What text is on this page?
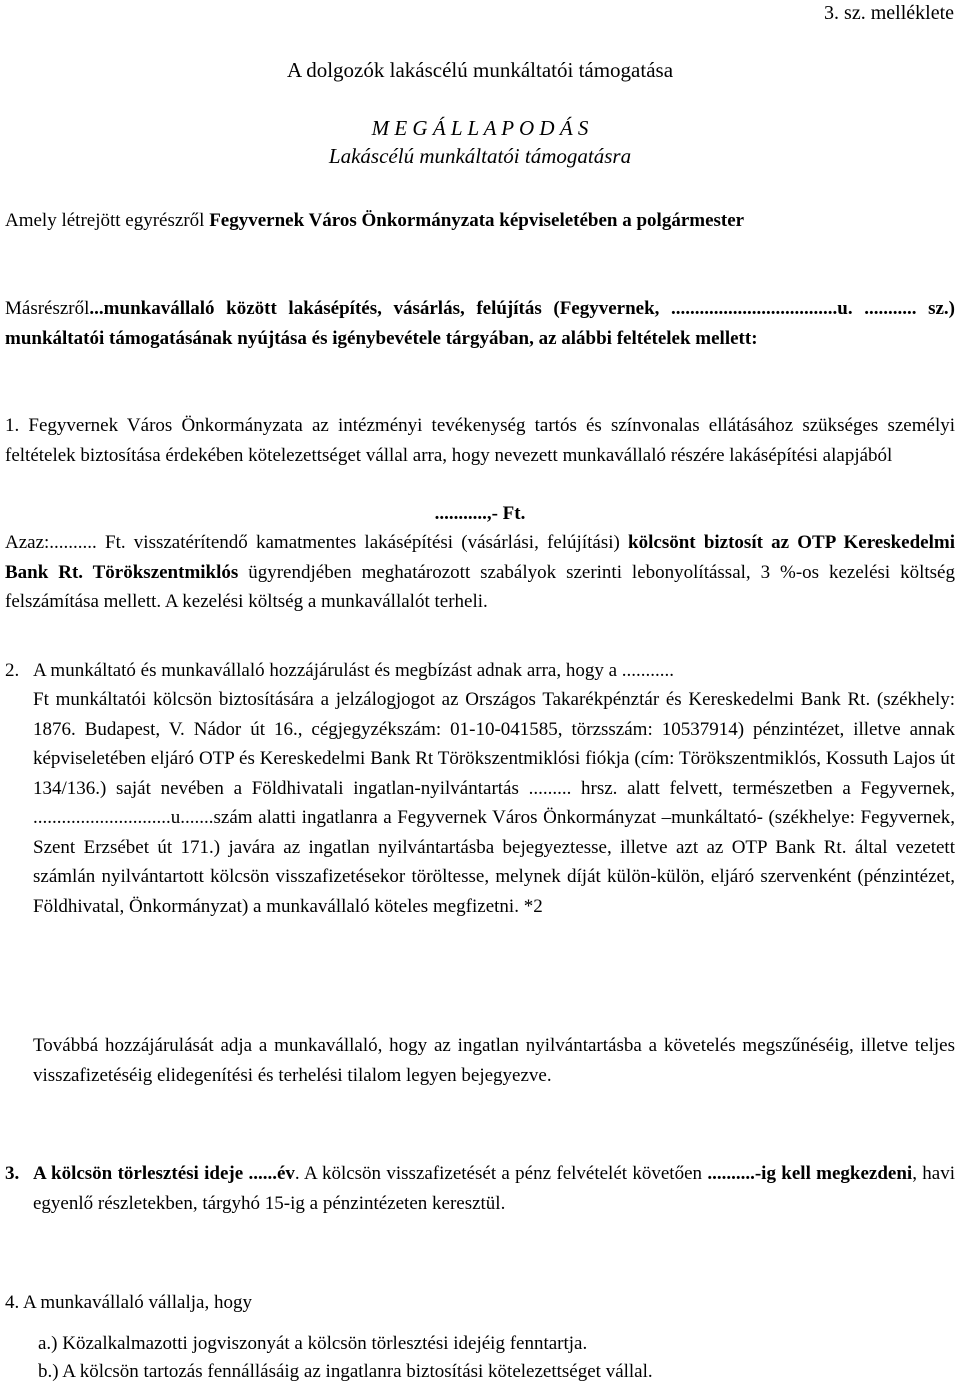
3. sz. melléklete
A dolgozók lakáscélú munkáltatói támogatása
M E G Á L L A P O D Á S
Lakáscélú munkáltatói támogatásra
Amely létrejött egyrészről Fegyvernek Város Önkormányzata képviseletében a polgármester
Másrészről...munkavállaló között lakásépítés, vásárlás, felújítás (Fegyvernek, ...................................u. ........... sz.) munkáltatói támogatásának nyújtása és igénybevétele tárgyában, az alábbi feltételek mellett:
1. Fegyvernek Város Önkormányzata az intézményi tevékenység tartós és színvonalas ellátásához szükséges személyi feltételek biztosítása érdekében kötelezettséget vállal arra, hogy nevezett munkavállaló részére lakásépítési alapjából
...........,- Ft.
Azaz:.......... Ft. visszatérítendő kamatmentes lakásépítési (vásárlási, felújítási) kölcsönt biztosít az OTP Kereskedelmi Bank Rt. Törökszentmiklós ügyrendjében meghatározott szabályok szerinti lebonyolítással, 3 %-os kezelési költség felszámítása mellett. A kezelési költség a munkavállalót terheli.
2. A munkáltató és munkavállaló hozzájárulást és megbízást adnak arra, hogy a ...........
Ft munkáltatói kölcsön biztosítására a jelzálogjogot az Országos Takarékpénztár és Kereskedelmi Bank Rt. (székhely: 1876. Budapest, V. Nádor út 16., cégjegyzékszám: 01-10-041585, törzsszám: 10537914) pénzintézet, illetve annak képviseletében eljáró OTP és Kereskedelmi Bank Rt Törökszentmiklósi fiókja (cím: Törökszentmiklós, Kossuth Lajos út 134/136.) saját nevében a Földhivatali ingatlan-nyilvántartás ......... hrsz. alatt felvett, természetben a Fegyvernek, .............................u.......szám alatti ingatlanra a Fegyvernek Város Önkormányzat –munkáltató- (székhelye: Fegyvernek, Szent Erzsébet út 171.) javára az ingatlan nyilvántartásba bejegyeztesse, illetve azt az OTP Bank Rt. által vezetett számlán nyilvántartott kölcsön visszafizetésekor töröltesse, melynek díját külön-külön, eljáró szervenként (pénzintézet, Földhivatal, Önkormányzat) a munkavállaló köteles megfizetni. *2
Továbbá hozzájárulását adja a munkavállaló, hogy az ingatlan nyilvántartásba a követelés megszűnéséig, illetve teljes visszafizetéséig elidegenítési és terhelési tilalom legyen bejegyezve.
3. A kölcsön törlesztési ideje ......év. A kölcsön visszafizetését a pénz felvételét követően ..........-ig kell megkezdeni, havi egyenlő részletekben, tárgyhó 15-ig a pénzintézeten keresztül.
4. A munkavállaló vállalja, hogy
a.) Közalkalmazotti jogviszonyát a kölcsön törlesztési idejéig fenntartja.
b.) A kölcsön tartozás fennállásáig az ingatlanra biztosítási kötelezettséget vállal.
